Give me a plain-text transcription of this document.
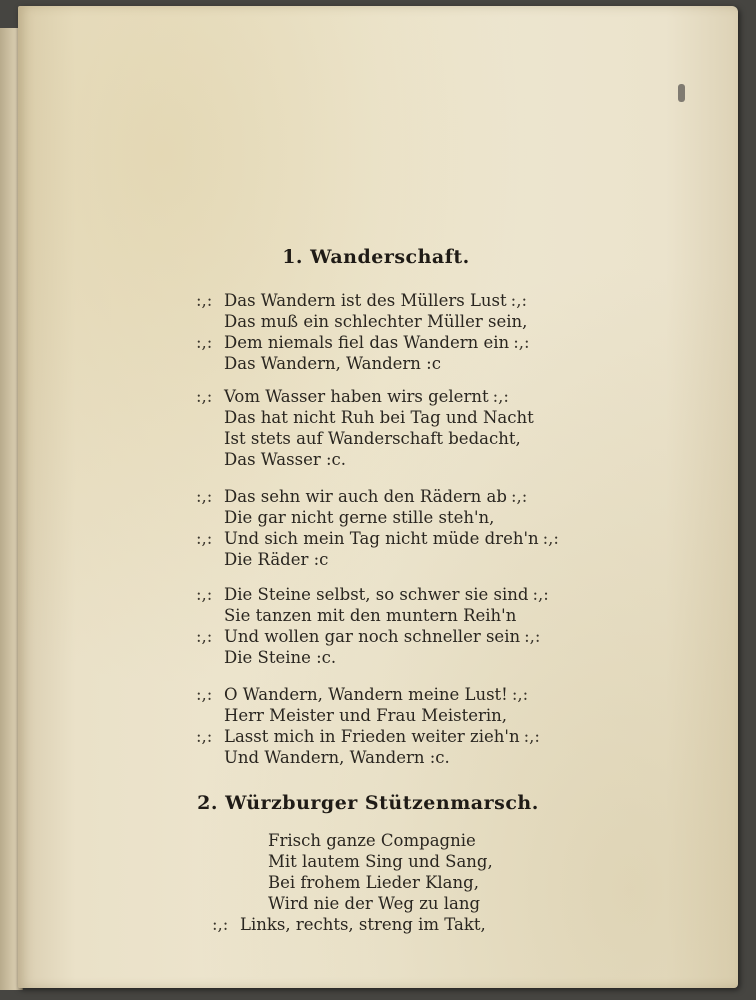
1. Wanderschaft.
:,: Das Wandern ist des Müllers Lust :,:
Das muß ein schlechter Müller sein,
:,: Dem niemals fiel das Wandern ein :,:
Das Wandern, Wandern :c
:,: Vom Wasser haben wirs gelernt :,:
Das hat nicht Ruh bei Tag und Nacht
Ist stets auf Wanderschaft bedacht,
Das Wasser :c.
:,: Das sehn wir auch den Rädern ab :,:
Die gar nicht gerne stille steh'n,
:,: Und sich mein Tag nicht müde dreh'n :,:
Die Räder :c
:,: Die Steine selbst, so schwer sie sind :,:
Sie tanzen mit den muntern Reih'n
:,: Und wollen gar noch schneller sein :,:
Die Steine :c.
:,: O Wandern, Wandern meine Lust! :,:
Herr Meister und Frau Meisterin,
:,: Lasst mich in Frieden weiter zieh'n :,:
Und Wandern, Wandern :c.
2. Würzburger Stützenmarsch.
Frisch ganze Compagnie
Mit lautem Sing und Sang,
Bei frohem Lieder Klang,
Wird nie der Weg zu lang
:,: Links, rechts, streng im Takt,
